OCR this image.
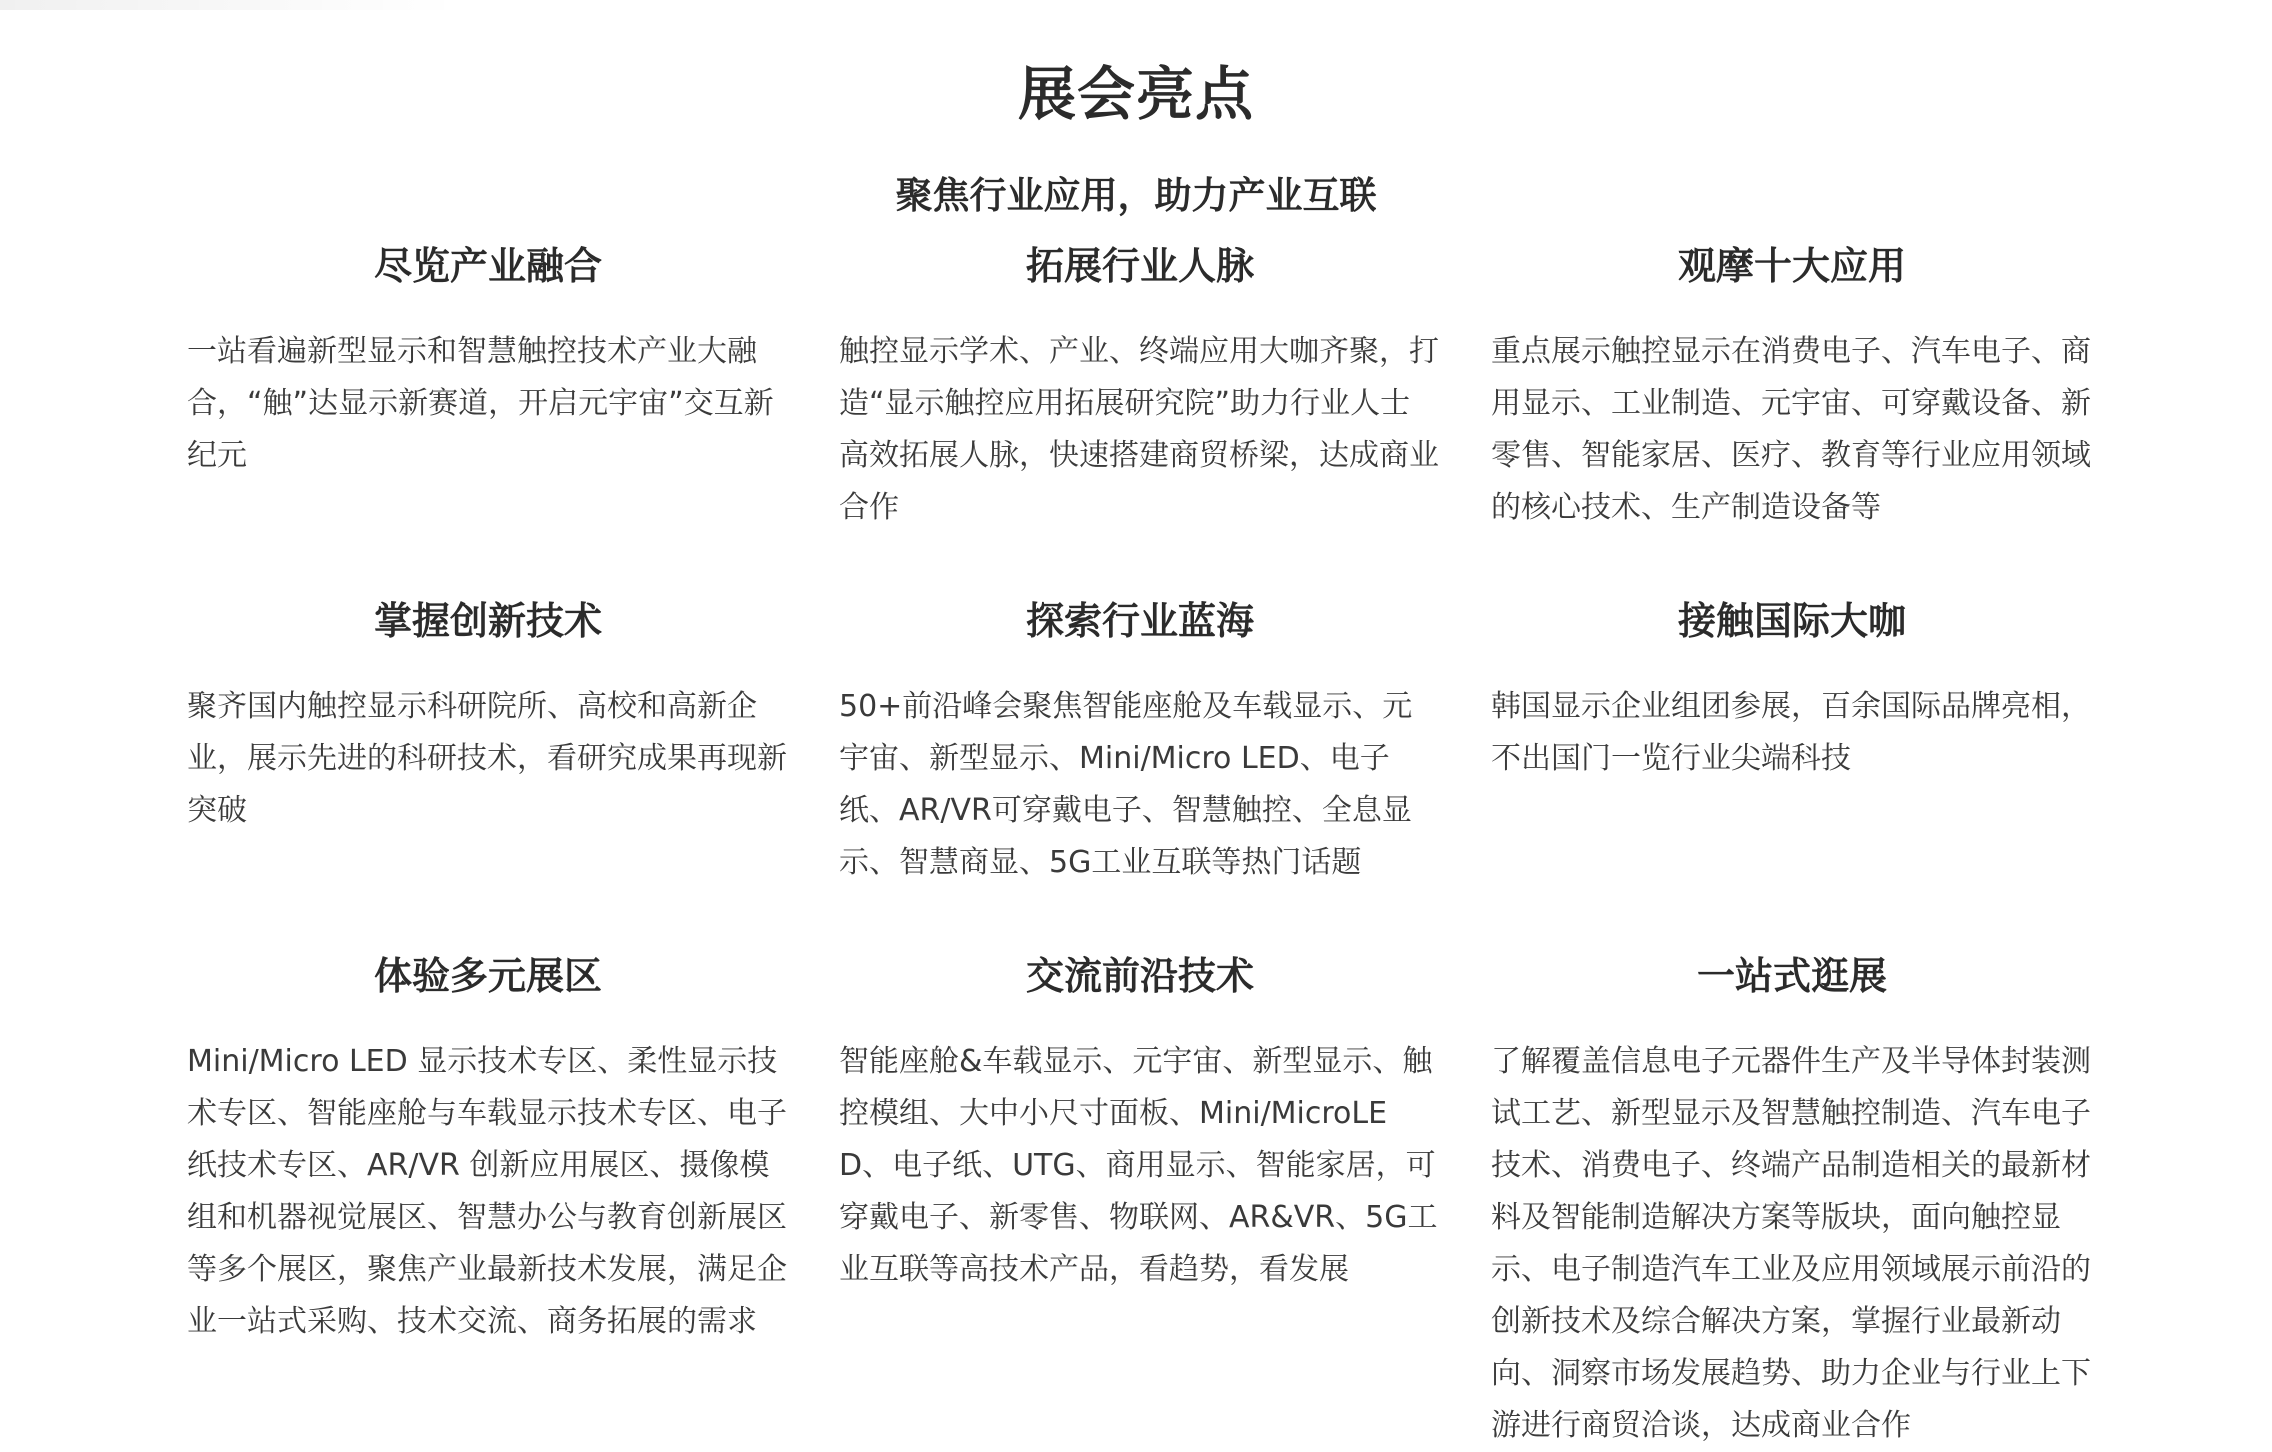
展会亮点
聚焦行业应用，助力产业互联
尽览产业融合

一站看遍新型显示和智慧触控技术产业大融合，“触”达显示新赛道，开启元宇宙”交互新纪元

拓展行业人脉

触控显示学术、产业、终端应用大咖齐聚，打造“显示触控应用拓展研究院”助力行业人士高效拓展人脉，快速搭建商贸桥梁，达成商业合作

观摩十大应用

重点展示触控显示在消费电子、汽车电子、商用显示、工业制造、元宇宙、可穿戴设备、新零售、智能家居、医疗、教育等行业应用领域的核心技术、生产制造设备等

掌握创新技术

聚齐国内触控显示科研院所、高校和高新企业，展示先进的科研技术，看研究成果再现新突破

探索行业蓝海

50+前沿峰会聚焦智能座舱及车载显示、元宇宙、新型显示、Mini/Micro LED、电子纸、AR/VR可穿戴电子、智慧触控、全息显示、智慧商显、5G工业互联等热门话题

接触国际大咖

韩国显示企业组团参展，百余国际品牌亮相，不出国门一览行业尖端科技

体验多元展区

Mini/Micro LED 显示技术专区、柔性显示技术专区、智能座舱与车载显示技术专区、电子纸技术专区、AR/VR 创新应用展区、摄像模组和机器视觉展区、智慧办公与教育创新展区等多个展区，聚焦产业最新技术发展，满足企业一站式采购、技术交流、商务拓展的需求

交流前沿技术

智能座舱&车载显示、元宇宙、新型显示、触控模组、大中小尺寸面板、Mini/MicroLED、电子纸、UTG、商用显示、智能家居，可穿戴电子、新零售、物联网、AR&VR、5G工业互联等高技术产品，看趋势，看发展

一站式逛展

了解覆盖信息电子元器件生产及半导体封装测试工艺、新型显示及智慧触控制造、汽车电子技术、消费电子、终端产品制造相关的最新材料及智能制造解决方案等版块，面向触控显示、电子制造汽车工业及应用领域展示前沿的创新技术及综合解决方案，掌握行业最新动向、洞察市场发展趋势、助力企业与行业上下游进行商贸洽谈，达成商业合作
